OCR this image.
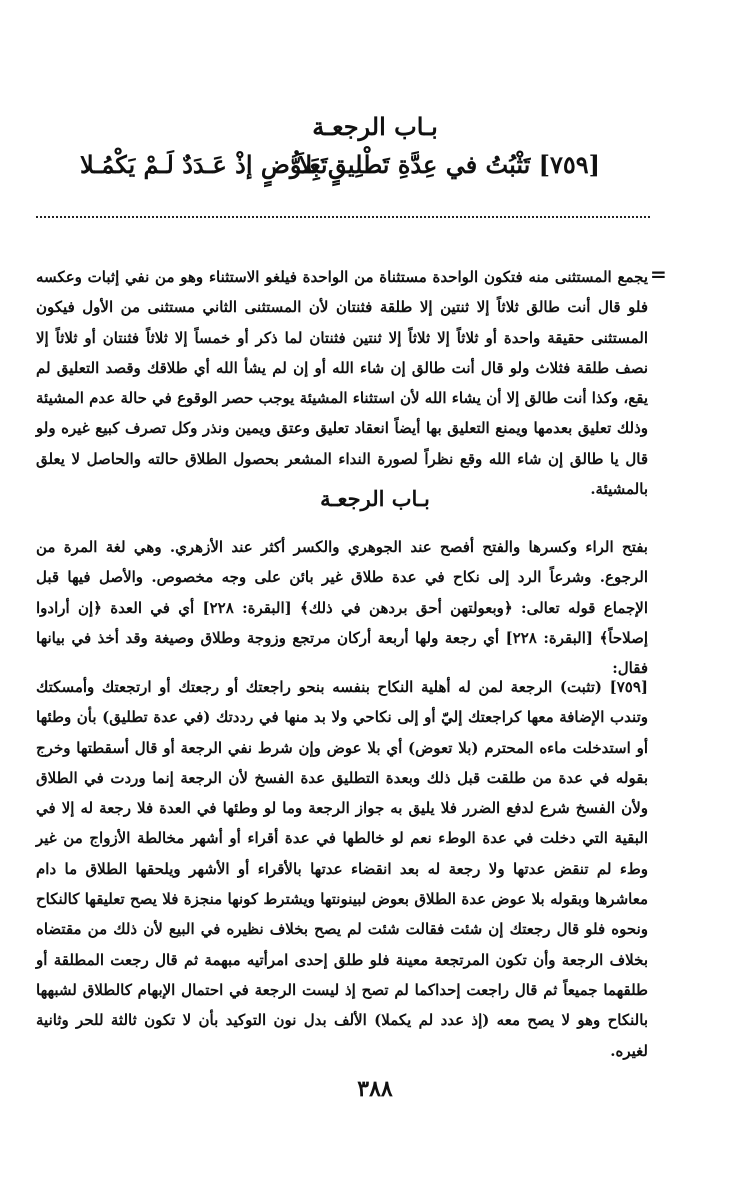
بـاب الرجعـة
[٧٥٩] تَثْبُتُ في عِدَّةِ تَطْلِيقٍ بِلاَ
تَعَـوُّضٍ إذْ عَـدَدٌ لَـمْ يَكْمُـلا
=
يجمع المستثنى منه فتكون الواحدة مستثناة من الواحدة فيلغو الاستثناء وهو من نفي إثبات وعكسه فلو قال أنت طالق ثلاثاً إلا ثنتين إلا طلقة فثنتان لأن المستثنى الثاني مستثنى من الأول فيكون المستثنى حقيقة واحدة أو ثلاثاً إلا ثلاثاً إلا ثنتين فثنتان لما ذكر أو خمساً إلا ثلاثاً فثنتان أو ثلاثاً إلا نصف طلقة فثلاث ولو قال أنت طالق إن شاء الله أو إن لم يشأ الله أي طلاقك وقصد التعليق لم يقع، وكذا أنت طالق إلا أن يشاء الله لأن استثناء المشيئة يوجب حصر الوقوع في حالة عدم المشيئة وذلك تعليق بعدمها ويمنع التعليق بها أيضاً انعقاد تعليق وعتق ويمين ونذر وكل تصرف كبيع غيره ولو قال يا طالق إن شاء الله وقع نظراً لصورة النداء المشعر بحصول الطلاق حالته والحاصل لا يعلق بالمشيئة.
بـاب الرجعـة
بفتح الراء وكسرها والفتح أفصح عند الجوهري والكسر أكثر عند الأزهري. وهي لغة المرة من الرجوع. وشرعاً الرد إلى نكاح في عدة طلاق غير بائن على وجه مخصوص. والأصل فيها قبل الإجماع قوله تعالى: ﴿وبعولتهن أحق بردهن في ذلك﴾ [البقرة: ٢٢٨] أي في العدة ﴿إن أرادوا إصلاحاً﴾ [البقرة: ٢٢٨] أي رجعة ولها أربعة أركان مرتجع وزوجة وطلاق وصيغة وقد أخذ في بيانها فقال:
[٧٥٩] (تثبت) الرجعة لمن له أهلية النكاح بنفسه بنحو راجعتك أو رجعتك أو ارتجعتك وأمسكتك وتندب الإضافة معها كراجعتك إليّ أو إلى نكاحي ولا بد منها في رددتك (في عدة تطليق) بأن وطئها أو استدخلت ماءه المحترم (بلا تعوض) أي بلا عوض وإن شرط نفي الرجعة أو قال أسقطتها وخرج بقوله في عدة من طلقت قبل ذلك وبعدة التطليق عدة الفسخ لأن الرجعة إنما وردت في الطلاق ولأن الفسخ شرع لدفع الضرر فلا يليق به جواز الرجعة وما لو وطئها في العدة فلا رجعة له إلا في البقية التي دخلت في عدة الوطء نعم لو خالطها في عدة أقراء أو أشهر مخالطة الأزواج من غير وطء لم تنقض عدتها ولا رجعة له بعد انقضاء عدتها بالأقراء أو الأشهر ويلحقها الطلاق ما دام معاشرها وبقوله بلا عوض عدة الطلاق بعوض لبينونتها ويشترط كونها منجزة فلا يصح تعليقها كالنكاح ونحوه فلو قال رجعتك إن شئت فقالت شئت لم يصح بخلاف نظيره في البيع لأن ذلك من مقتضاه بخلاف الرجعة وأن تكون المرتجعة معينة فلو طلق إحدى امرأتيه مبهمة ثم قال رجعت المطلقة أو طلقهما جميعاً ثم قال راجعت إحداكما لم تصح إذ ليست الرجعة في احتمال الإبهام كالطلاق لشبهها بالنكاح وهو لا يصح معه (إذ عدد لم يكملا) الألف بدل نون التوكيد بأن لا تكون ثالثة للحر وثانية لغيره.
٣٨٨
